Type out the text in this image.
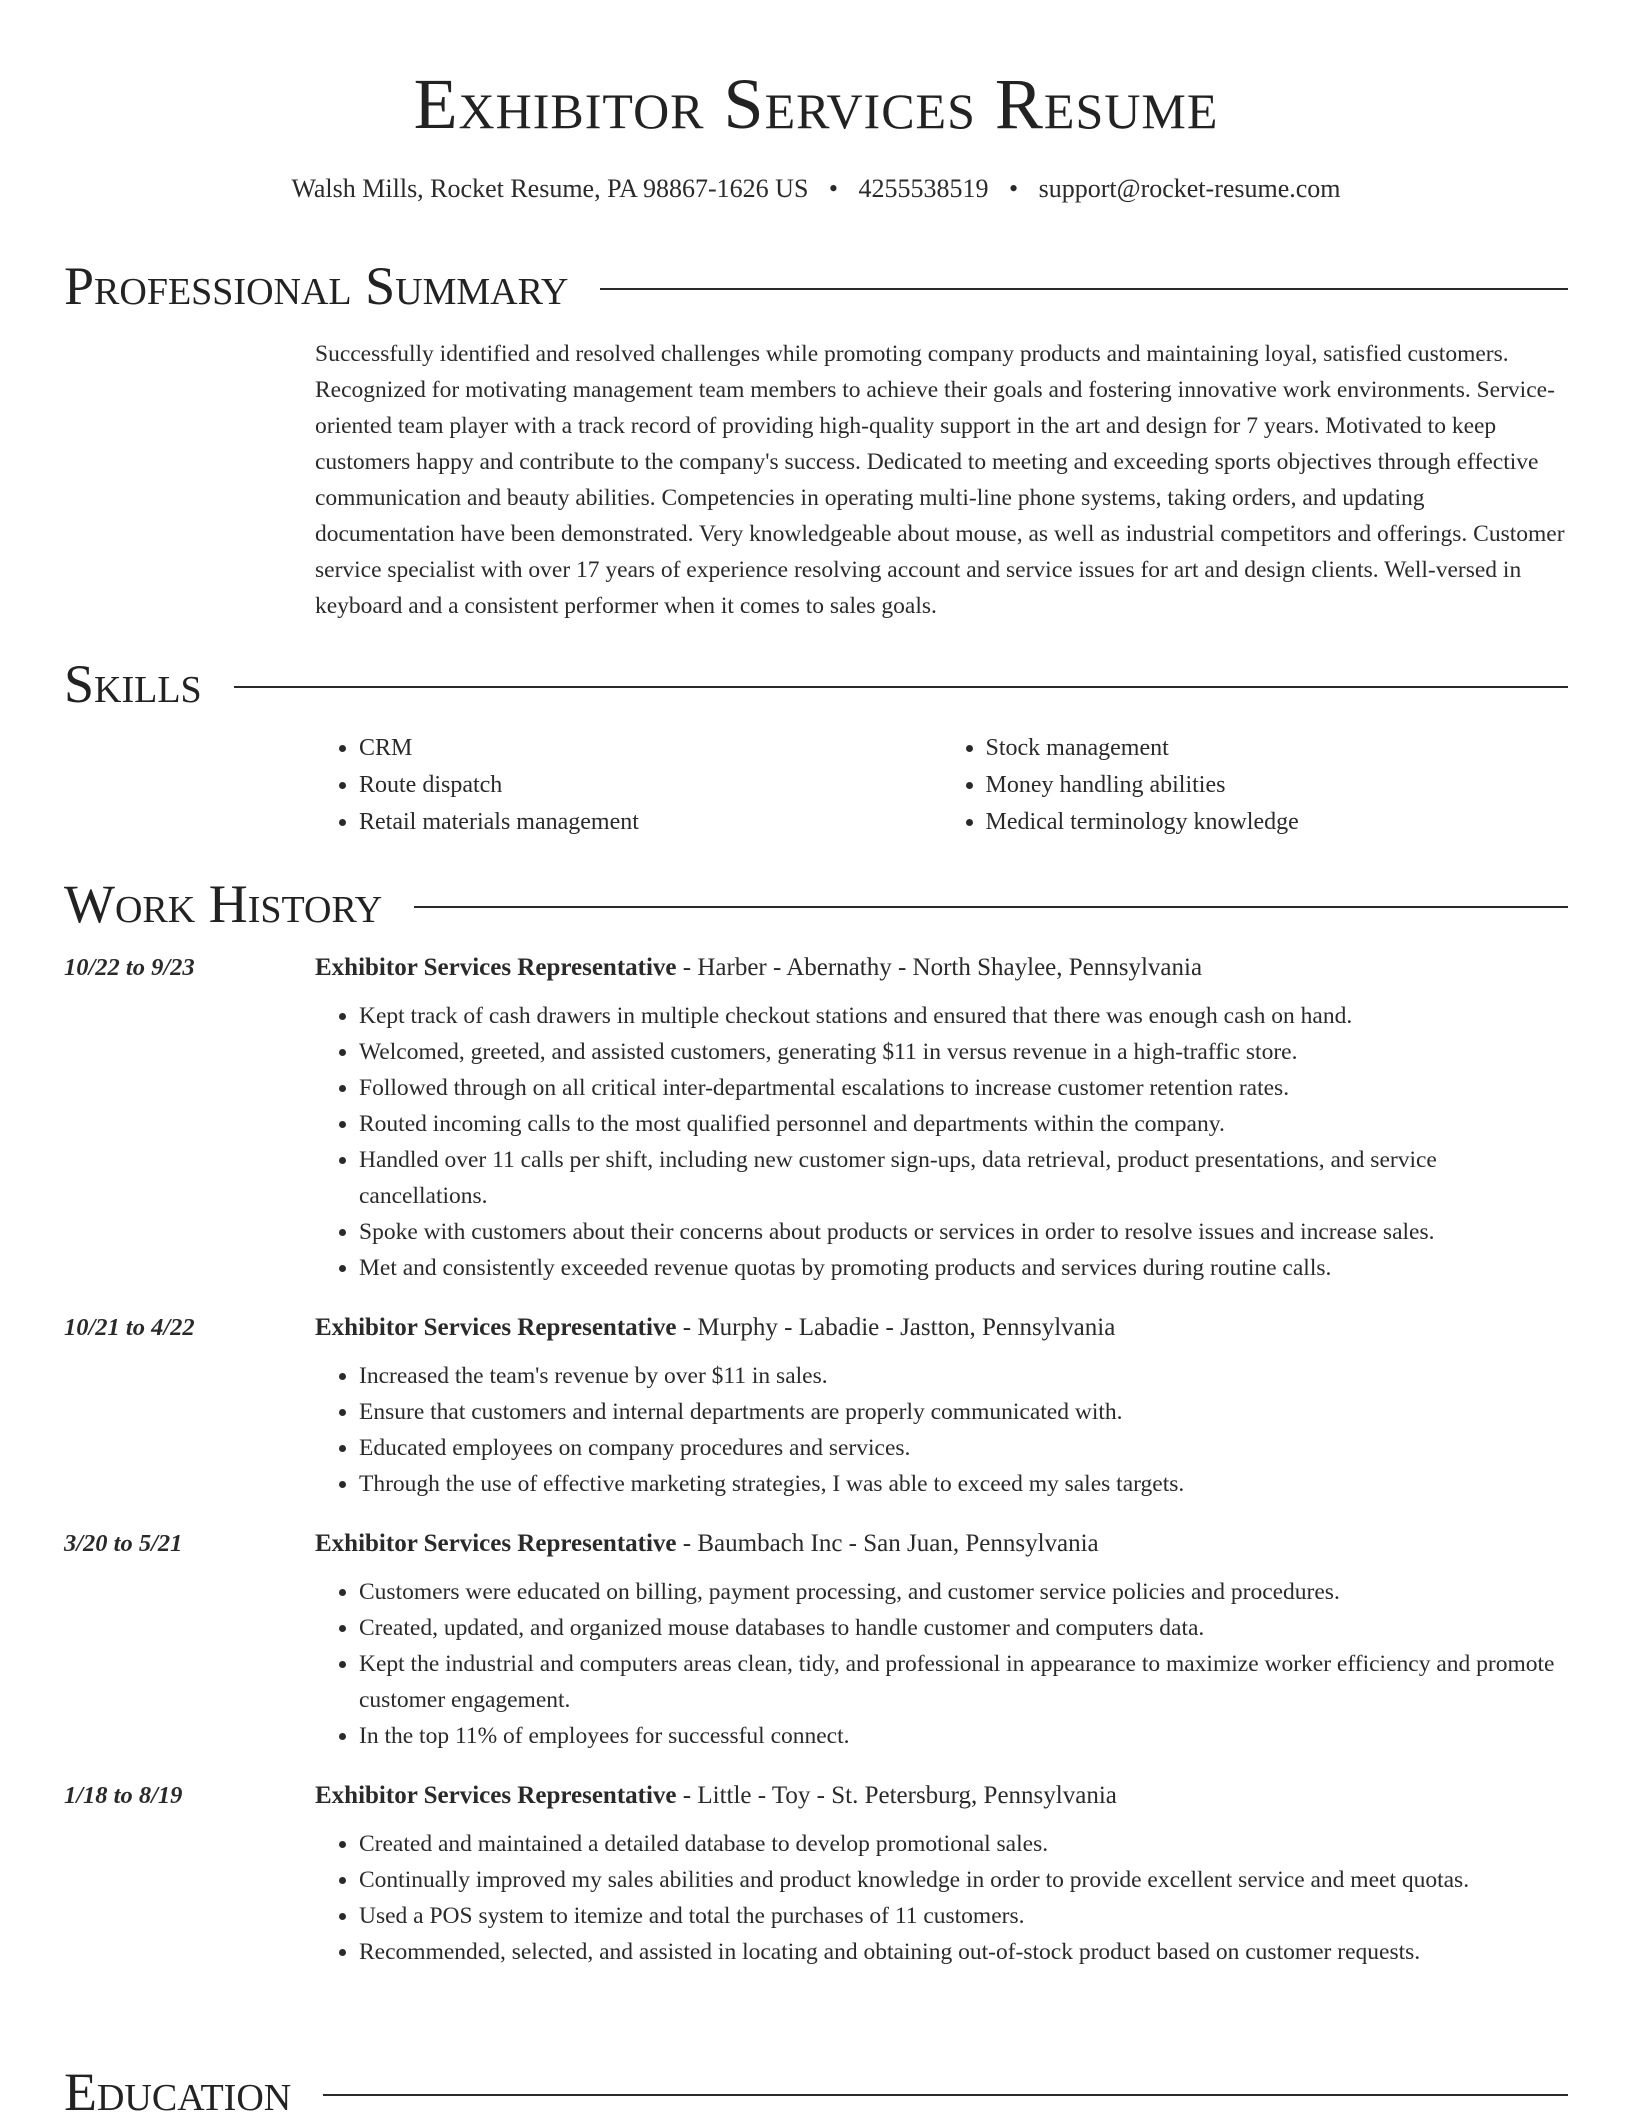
Exhibitor Services Resume
Walsh Mills, Rocket Resume, PA 98867-1626 US • 4255538519 • support@rocket-resume.com
Professional Summary
Successfully identified and resolved challenges while promoting company products and maintaining loyal, satisfied customers. Recognized for motivating management team members to achieve their goals and fostering innovative work environments. Service-oriented team player with a track record of providing high-quality support in the art and design for 7 years. Motivated to keep customers happy and contribute to the company's success. Dedicated to meeting and exceeding sports objectives through effective communication and beauty abilities. Competencies in operating multi-line phone systems, taking orders, and updating documentation have been demonstrated. Very knowledgeable about mouse, as well as industrial competitors and offerings. Customer service specialist with over 17 years of experience resolving account and service issues for art and design clients. Well-versed in keyboard and a consistent performer when it comes to sales goals.
Skills
• CRM
• Route dispatch
• Retail materials management
• Stock management
• Money handling abilities
• Medical terminology knowledge
Work History
10/22 to 9/23	Exhibitor Services Representative - Harber - Abernathy - North Shaylee, Pennsylvania
• Kept track of cash drawers in multiple checkout stations and ensured that there was enough cash on hand.
• Welcomed, greeted, and assisted customers, generating $11 in versus revenue in a high-traffic store.
• Followed through on all critical inter-departmental escalations to increase customer retention rates.
• Routed incoming calls to the most qualified personnel and departments within the company.
• Handled over 11 calls per shift, including new customer sign-ups, data retrieval, product presentations, and service cancellations.
• Spoke with customers about their concerns about products or services in order to resolve issues and increase sales.
• Met and consistently exceeded revenue quotas by promoting products and services during routine calls.
10/21 to 4/22	Exhibitor Services Representative - Murphy - Labadie - Jastton, Pennsylvania
• Increased the team's revenue by over $11 in sales.
• Ensure that customers and internal departments are properly communicated with.
• Educated employees on company procedures and services.
• Through the use of effective marketing strategies, I was able to exceed my sales targets.
3/20 to 5/21	Exhibitor Services Representative - Baumbach Inc - San Juan, Pennsylvania
• Customers were educated on billing, payment processing, and customer service policies and procedures.
• Created, updated, and organized mouse databases to handle customer and computers data.
• Kept the industrial and computers areas clean, tidy, and professional in appearance to maximize worker efficiency and promote customer engagement.
• In the top 11% of employees for successful connect.
1/18 to 8/19	Exhibitor Services Representative - Little - Toy - St. Petersburg, Pennsylvania
• Created and maintained a detailed database to develop promotional sales.
• Continually improved my sales abilities and product knowledge in order to provide excellent service and meet quotas.
• Used a POS system to itemize and total the purchases of 11 customers.
• Recommended, selected, and assisted in locating and obtaining out-of-stock product based on customer requests.
Education
